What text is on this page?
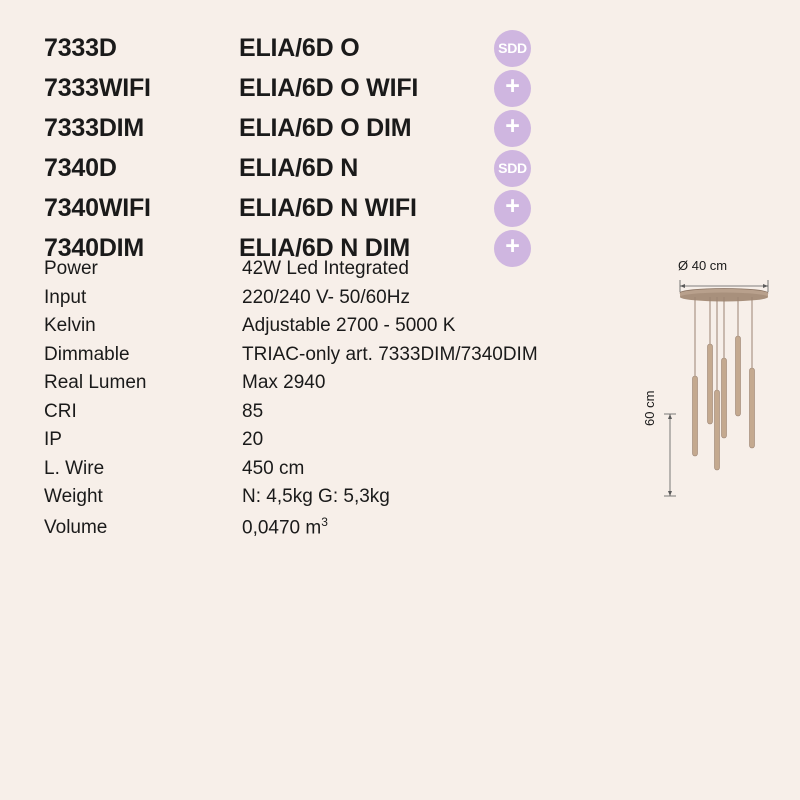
7333D	ELIA/6D O	SDD
7333WIFI	ELIA/6D O WIFI	+
7333DIM	ELIA/6D O DIM	+
7340D	ELIA/6D N	SDD
7340WIFI	ELIA/6D N WIFI	+
7340DIM	ELIA/6D N DIM	+
Power	42W Led Integrated
Input	220/240 V- 50/60Hz
Kelvin	Adjustable 2700 - 5000 K
Dimmable	TRIAC-only art. 7333DIM/7340DIM
Real Lumen	Max 2940
CRI	85
IP	20
L. Wire	450 cm
Weight	N: 4,5kg G: 5,3kg
Volume	0,0470 $m^3$
Ø 40 cm
60 cm
